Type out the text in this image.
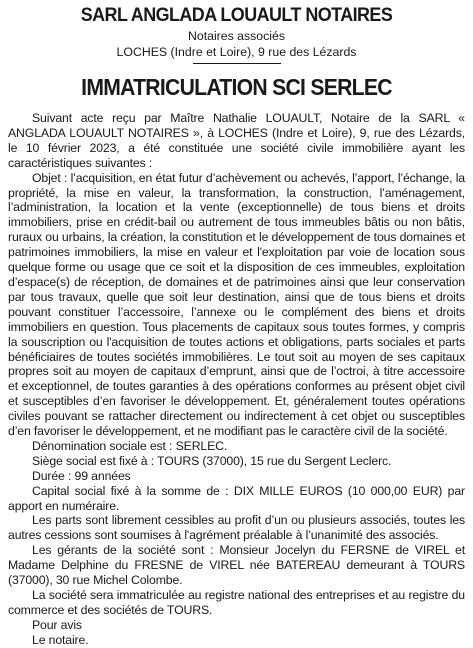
SARL ANGLADA LOUAULT NOTAIRES
Notaires associés
LOCHES (Indre et Loire), 9 rue des Lézards
IMMATRICULATION SCI SERLEC

Suivant acte reçu par Maître Nathalie LOUAULT, Notaire de la SARL « ANGLADA LOUAULT NOTAIRES », à LOCHES (Indre et Loire), 9, rue des Lézards, le 10 février 2023, a été constituée une société civile immobilière ayant les caractéristiques suivantes :

Objet : l’acquisition, en état futur d’achèvement ou achevés, l’apport, l’échange, la propriété, la mise en valeur, la transformation, la construction, l’aménagement, l’administration, la location et la vente (exceptionnelle) de tous biens et droits immobiliers, prise en crédit-bail ou autrement de tous immeubles bâtis ou non bâtis, ruraux ou urbains, la création, la constitution et le développement de tous domaines et patrimoines immobiliers, la mise en valeur et l'exploitation par voie de location sous quelque forme ou usage que ce soit et la disposition de ces immeubles, exploitation d’espace(s) de réception, de domaines et de patrimoines ainsi que leur conservation par tous travaux, quelle que soit leur destination, ainsi que de tous biens et droits pouvant constituer l’accessoire, l’annexe ou le complément des biens et droits immobiliers en question. Tous placements de capitaux sous toutes formes, y compris la souscription ou l'acquisition de toutes actions et obligations, parts sociales et parts bénéficiaires de toutes sociétés immobilières. Le tout soit au moyen de ses capitaux propres soit au moyen de capitaux d’emprunt, ainsi que de l’octroi, à titre accessoire et exceptionnel, de toutes garanties à des opérations conformes au présent objet civil et susceptibles d’en favoriser le développement. Et, généralement toutes opérations civiles pouvant se rattacher directement ou indirectement à cet objet ou susceptibles d’en favoriser le développement, et ne modifiant pas le caractère civil de la société.

Dénomination sociale est : SERLEC.

Siège social est fixé à : TOURS (37000), 15 rue du Sergent Leclerc.

Durée : 99 années

Capital social fixé à la somme de : DIX MILLE EUROS (10 000,00 EUR) par apport en numéraire.

Les parts sont librement cessibles au profit d’un ou plusieurs associés, toutes les autres cessions sont soumises à l'agrément préalable à l’unanimité des associés.

Les gérants de la société sont : Monsieur Jocelyn du FERSNE de VIREL et Madame Delphine du FRESNE de VIREL née BATEREAU demeurant à TOURS (37000), 30 rue Michel Colombe.

La société sera immatriculée au registre national des entreprises et au registre du commerce et des sociétés de TOURS.

Pour avis

Le notaire.
